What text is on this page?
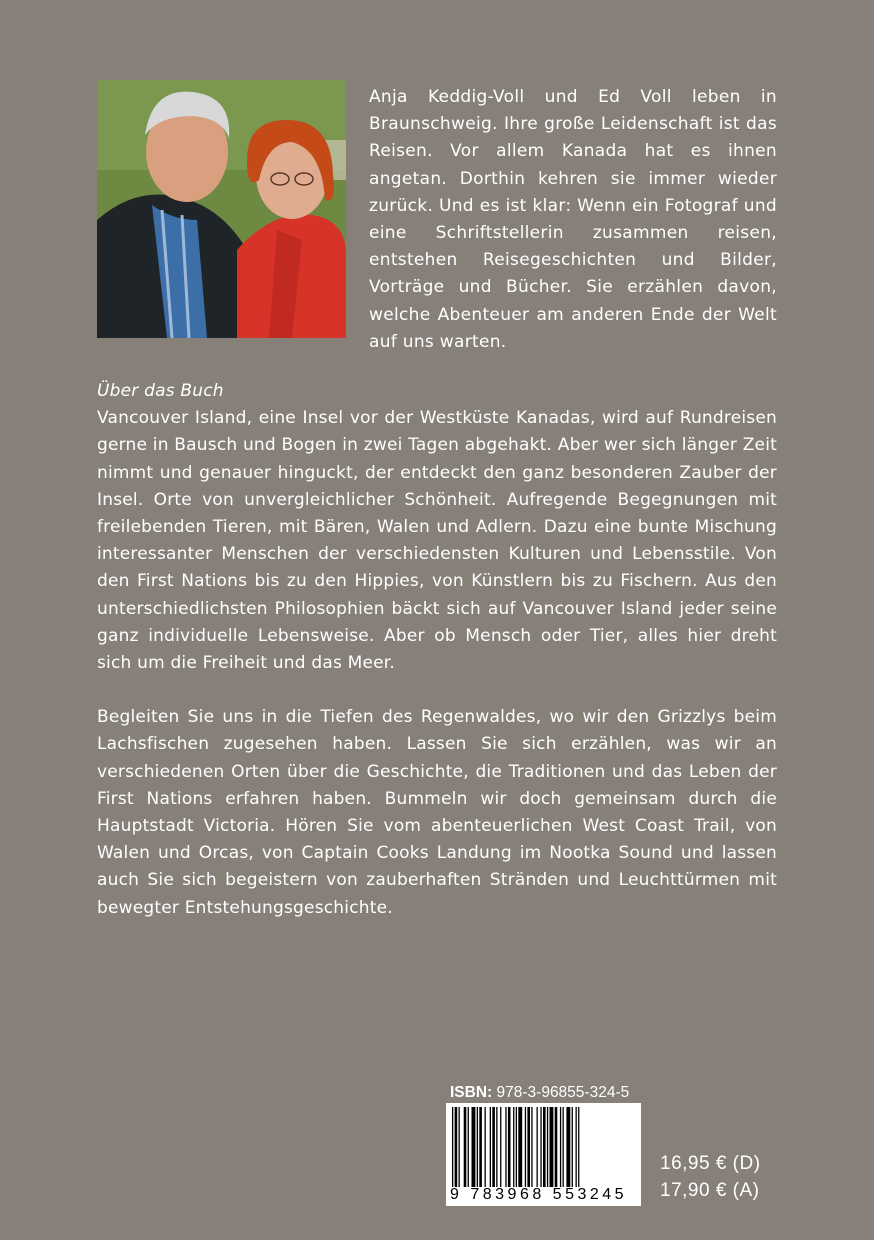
Anja Keddig-Voll und Ed Voll leben in Braunschweig. Ihre große Leidenschaft ist das Reisen. Vor allem Kanada hat es ihnen angetan. Dorthin kehren sie immer wieder zurück. Und es ist klar: Wenn ein Fotograf und eine Schriftstellerin zusammen reisen, entstehen Reisegeschichten und Bilder, Vorträge und Bücher. Sie erzählen davon, welche Abenteuer am anderen Ende der Welt auf uns warten.

Über das Buch

Vancouver Island, eine Insel vor der Westküste Kanadas, wird auf Rundreisen gerne in Bausch und Bogen in zwei Tagen abgehakt. Aber wer sich länger Zeit nimmt und genauer hinguckt, der entdeckt den ganz besonderen Zauber der Insel. Orte von unvergleichlicher Schönheit. Aufregende Begegnungen mit freilebenden Tieren, mit Bären, Walen und Adlern. Dazu eine bunte Mischung interessanter Menschen der verschiedensten Kulturen und Lebensstile. Von den First Nations bis zu den Hippies, von Künstlern bis zu Fischern. Aus den unterschiedlichsten Philosophien bäckt sich auf Vancouver Island jeder seine ganz individuelle Lebensweise. Aber ob Mensch oder Tier, alles hier dreht sich um die Freiheit und das Meer.

Begleiten Sie uns in die Tiefen des Regenwaldes, wo wir den Grizzlys beim Lachsfischen zugesehen haben. Lassen Sie sich erzählen, was wir an verschiedenen Orten über die Geschichte, die Traditionen und das Leben der First Nations erfahren haben. Bummeln wir doch gemeinsam durch die Hauptstadt Victoria. Hören Sie vom abenteuerlichen West Coast Trail, von Walen und Orcas, von Captain Cooks Landung im Nootka Sound und lassen auch Sie sich begeistern von zauberhaften Stränden und Leuchttürmen mit bewegter Entstehungsgeschichte.

ISBN: 978-3-96855-324-5
9 783968 553245
16,95 € (D)
17,90 € (A)
